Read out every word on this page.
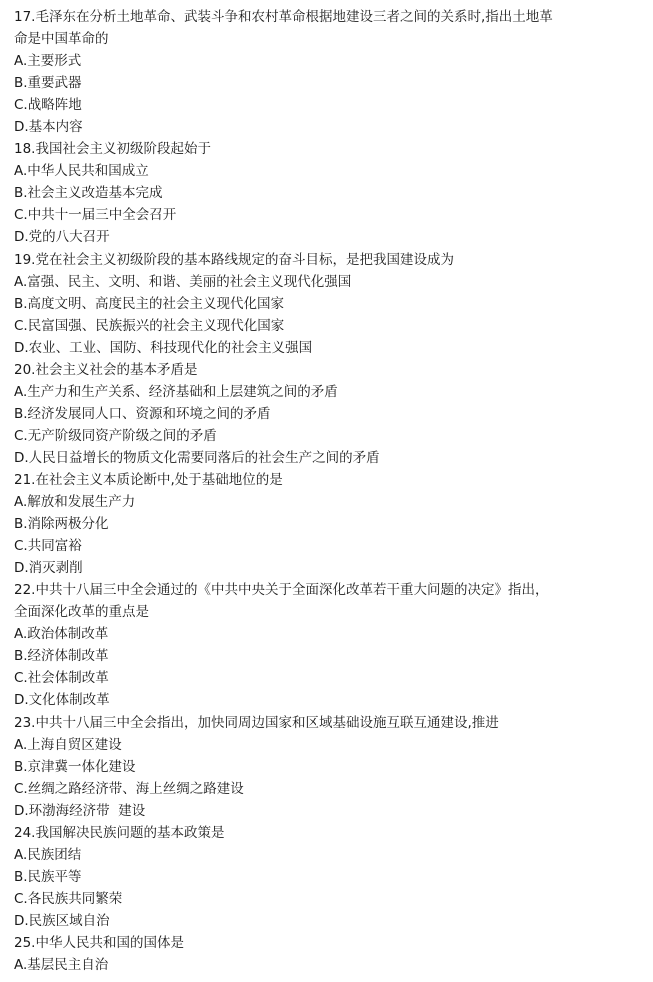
17.毛泽东在分析土地革命、武装斗争和农村革命根据地建设三者之间的关系时,指出土地革
命是中国革命的
A.主要形式
B.重要武器
C.战略阵地
D.基本内容
18.我国社会主义初级阶段起始于
A.中华人民共和国成立
B.社会主义改造基本完成
C.中共十一届三中全会召开
D.党的八大召开
19.党在社会主义初级阶段的基本路线规定的奋斗目标，是把我国建设成为
A.富强、民主、文明、和谐、美丽的社会主义现代化强国
B.高度文明、高度民主的社会主义现代化国家
C.民富国强、民族振兴的社会主义现代化国家
D.农业、工业、国防、科技现代化的社会主义强国
20.社会主义社会的基本矛盾是
A.生产力和生产关系、经济基础和上层建筑之间的矛盾
B.经济发展同人口、资源和环境之间的矛盾
C.无产阶级同资产阶级之间的矛盾
D.人民日益增长的物质文化需要同落后的社会生产之间的矛盾
21.在社会主义本质论断中,处于基础地位的是
A.解放和发展生产力
B.消除两极分化
C.共同富裕
D.消灭剥削
22.中共十八届三中全会通过的《中共中央关于全面深化改革若干重大问题的决定》指出，
全面深化改革的重点是
A.政治体制改革
B.经济体制改革
C.社会体制改革
D.文化体制改革
23.中共十八届三中全会指出，加快同周边国家和区域基础设施互联互通建设,推进
A.上海自贸区建设
B.京津冀一体化建设
C.丝绸之路经济带、海上丝绸之路建设
D.环渤海经济带  建设
24.我国解决民族问题的基本政策是
A.民族团结
B.民族平等
C.各民族共同繁荣
D.民族区域自治
25.中华人民共和国的国体是
A.基层民主自治
